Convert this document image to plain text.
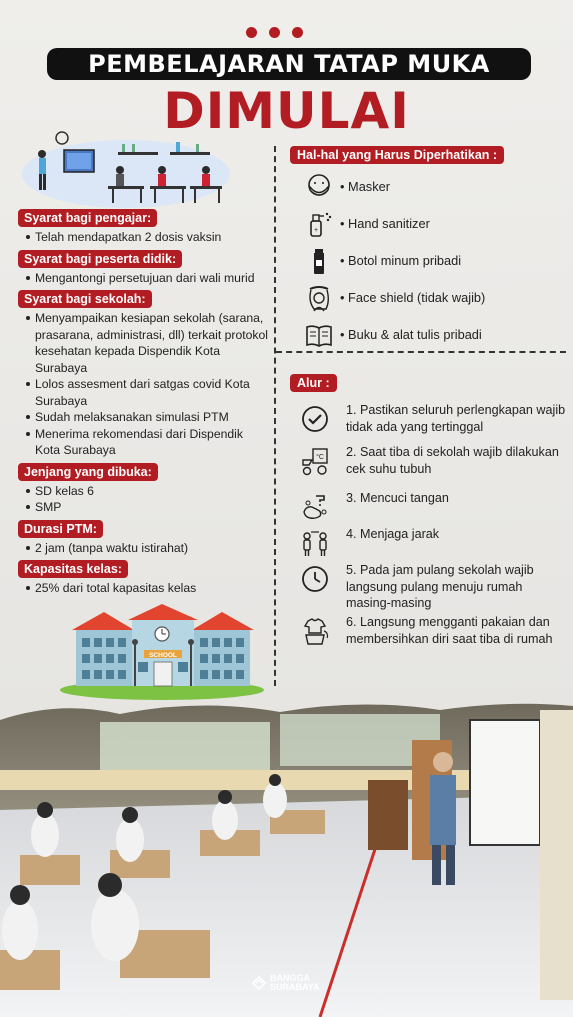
PEMBELAJARAN TATAP MUKA
DIMULAI
Syarat bagi pengajar:
Telah mendapatkan 2 dosis vaksin
Syarat bagi peserta didik:
Mengantongi persetujuan dari wali murid
Syarat bagi sekolah:
Menyampaikan kesiapan sekolah (sarana, prasarana, administrasi, dll) terkait protokol kesehatan kepada Dispendik Kota Surabaya
Lolos assesment dari satgas covid Kota Surabaya
Sudah melaksanakan simulasi PTM
Menerima rekomendasi dari Dispendik Kota Surabaya
Jenjang yang dibuka:
SD kelas 6
SMP
Durasi PTM:
2 jam (tanpa waktu istirahat)
Kapasitas kelas:
25% dari total kapasitas kelas
SCHOOL
Hal-hal yang Harus Diperhatikan :
• Masker
+ • Hand sanitizer
• Botol minum pribadi
• Face shield (tidak wajib)
• Buku & alat tulis pribadi
Alur :
1. Pastikan seluruh perlengkapan wajib tidak ada yang tertinggal
°C 2. Saat tiba di sekolah wajib dilakukan cek suhu tubuh
3. Mencuci tangan
4. Menjaga jarak
5. Pada jam pulang sekolah wajib langsung pulang menuju rumah masing-masing
6. Langsung mengganti pakaian dan membersihkan diri saat tiba di rumah
BANGGA
SURABAYA
